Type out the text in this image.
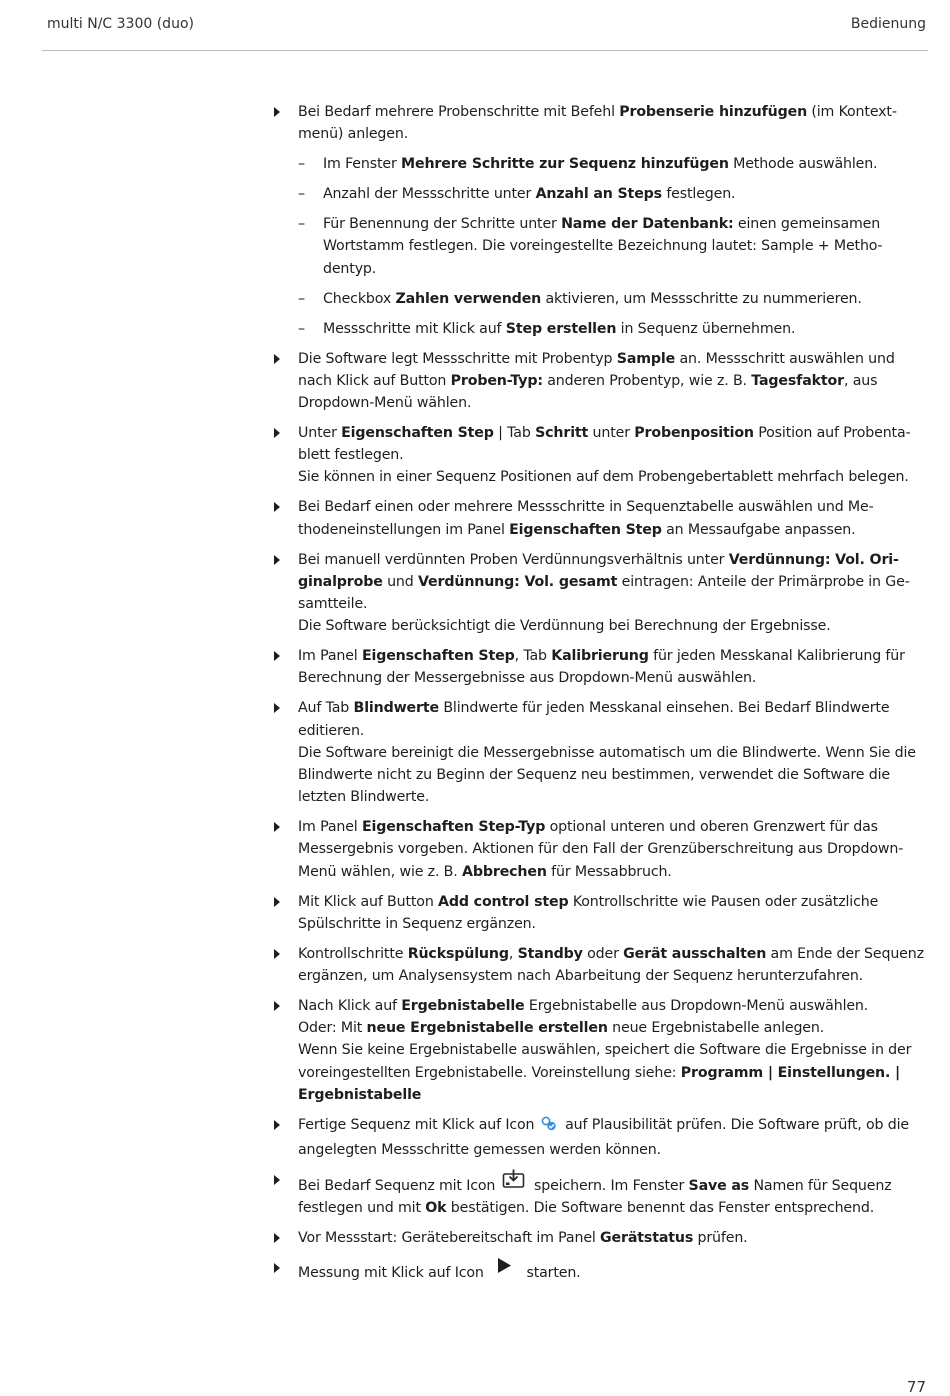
multi N/C 3300 (duo)	Bedienung
Bei Bedarf mehrere Probenschritte mit Befehl Probenserie hinzufügen (im Kontextmenü) anlegen.
– Im Fenster Mehrere Schritte zur Sequenz hinzufügen Methode auswählen.
– Anzahl der Messschritte unter Anzahl an Steps festlegen.
– Für Benennung der Schritte unter Name der Datenbank: einen gemeinsamen Wortstamm festlegen. Die voreingestellte Bezeichnung lautet: Sample + Methodentyp.
– Checkbox Zahlen verwenden aktivieren, um Messschritte zu nummerieren.
– Messschritte mit Klick auf Step erstellen in Sequenz übernehmen.
Die Software legt Messschritte mit Probentyp Sample an. Messschritt auswählen und nach Klick auf Button Proben-Typ: anderen Probentyp, wie z. B. Tagesfaktor, aus Dropdown-Menü wählen.
Unter Eigenschaften Step | Tab Schritt unter Probenposition Position auf Probentablett festlegen.
Sie können in einer Sequenz Positionen auf dem Probengebertablett mehrfach belegen.
Bei Bedarf einen oder mehrere Messschritte in Sequenztabelle auswählen und Methodeneinstellungen im Panel Eigenschaften Step an Messaufgabe anpassen.
Bei manuell verdünnten Proben Verdünnungsverhältnis unter Verdünnung: Vol. Originalprobe und Verdünnung: Vol. gesamt eintragen: Anteile der Primärprobe in Gesamtteile.
Die Software berücksichtigt die Verdünnung bei Berechnung der Ergebnisse.
Im Panel Eigenschaften Step, Tab Kalibrierung für jeden Messkanal Kalibrierung für Berechnung der Messergebnisse aus Dropdown-Menü auswählen.
Auf Tab Blindwerte Blindwerte für jeden Messkanal einsehen. Bei Bedarf Blindwerte editieren.
Die Software bereinigt die Messergebnisse automatisch um die Blindwerte. Wenn Sie die Blindwerte nicht zu Beginn der Sequenz neu bestimmen, verwendet die Software die letzten Blindwerte.
Im Panel Eigenschaften Step-Typ optional unteren und oberen Grenzwert für das Messergebnis vorgeben. Aktionen für den Fall der Grenzüberschreitung aus Dropdown-Menü wählen, wie z. B. Abbrechen für Messabbruch.
Mit Klick auf Button Add control step Kontrollschritte wie Pausen oder zusätzliche Spülschritte in Sequenz ergänzen.
Kontrollschritte Rückspülung, Standby oder Gerät ausschalten am Ende der Sequenz ergänzen, um Analysensystem nach Abarbeitung der Sequenz herunterzufahren.
Nach Klick auf Ergebnistabelle Ergebnistabelle aus Dropdown-Menü auswählen.
Oder: Mit neue Ergebnistabelle erstellen neue Ergebnistabelle anlegen.
Wenn Sie keine Ergebnistabelle auswählen, speichert die Software die Ergebnisse in der voreingestellten Ergebnistabelle. Voreinstellung siehe: Programm | Einstellungen. | Ergebnistabelle
Fertige Sequenz mit Klick auf Icon  auf Plausibilität prüfen. Die Software prüft, ob die angelegten Messschritte gemessen werden können.
Bei Bedarf Sequenz mit Icon  speichern. Im Fenster Save as Namen für Sequenz festlegen und mit Ok bestätigen. Die Software benennt das Fenster entsprechend.
Vor Messstart: Gerätebereitschaft im Panel Gerätstatus prüfen.
Messung mit Klick auf Icon  starten.
77
